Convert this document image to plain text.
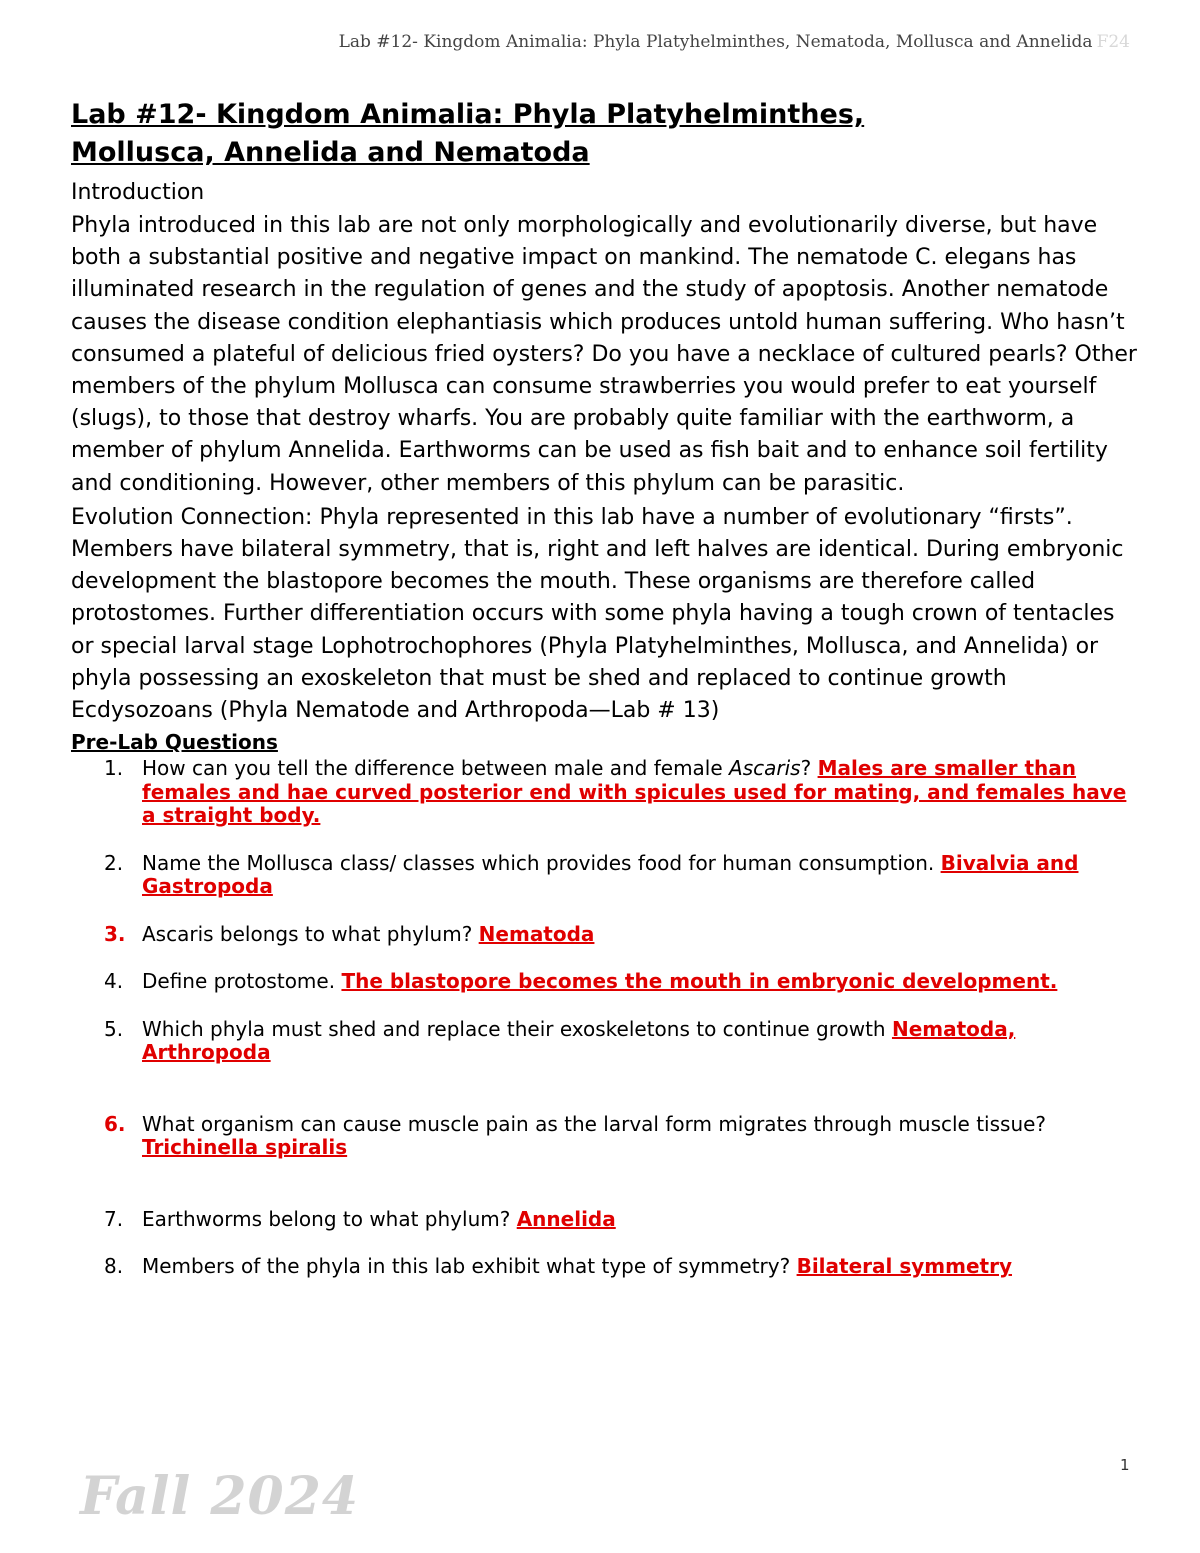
Lab #12- Kingdom Animalia: Phyla Platyhelminthes, Nematoda, Mollusca and Annelida F24
Lab #12- Kingdom Animalia: Phyla Platyhelminthes,
Mollusca, Annelida and Nematoda
Introduction

Phyla introduced in this lab are not only morphologically and evolutionarily diverse, but have both a substantial positive and negative impact on mankind. The nematode C. elegans has illuminated research in the regulation of genes and the study of apoptosis. Another nematode causes the disease condition elephantiasis which produces untold human suffering. Who hasn’t consumed a plateful of delicious fried oysters? Do you have a necklace of cultured pearls? Other members of the phylum Mollusca can consume strawberries you would prefer to eat yourself (slugs), to those that destroy wharfs. You are probably quite familiar with the earthworm, a member of phylum Annelida. Earthworms can be used as fish bait and to enhance soil fertility and conditioning. However, other members of this phylum can be parasitic.

Evolution Connection: Phyla represented in this lab have a number of evolutionary “firsts”. Members have bilateral symmetry, that is, right and left halves are identical. During embryonic development the blastopore becomes the mouth. These organisms are therefore called protostomes. Further differentiation occurs with some phyla having a tough crown of tentacles or special larval stage Lophotrochophores (Phyla Platyhelminthes, Mollusca, and Annelida) or phyla possessing an exoskeleton that must be shed and replaced to continue growth Ecdysozoans (Phyla Nematode and Arthropoda—Lab # 13)

Pre-Lab Questions
1. How can you tell the difference between male and female Ascaris? Males are smaller than females and hae curved posterior end with spicules used for mating, and females have a straight body.
2. Name the Mollusca class/ classes which provides food for human consumption. Bivalvia and Gastropoda
3. Ascaris belongs to what phylum? Nematoda
4. Define protostome. The blastopore becomes the mouth in embryonic development.
5. Which phyla must shed and replace their exoskeletons to continue growth Nematoda, Arthropoda
6. What organism can cause muscle pain as the larval form migrates through muscle tissue? Trichinella spiralis
7. Earthworms belong to what phylum? Annelida
8. Members of the phyla in this lab exhibit what type of symmetry? Bilateral symmetry
1
Fall 2024
